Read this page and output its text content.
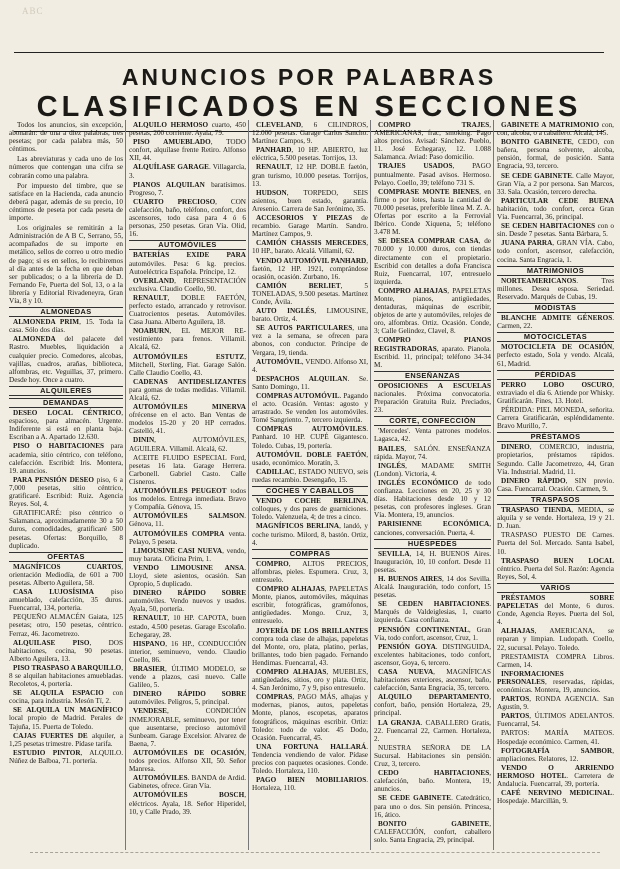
ABC
ANUNCIOS POR PALABRAS
CLASIFICADOS EN SECCIONES
Todos los anuncios, sin excepción, abonarán: de una a diez palabras, tres pesetas; por cada palabra más, 50 céntimos.
Las abreviaturas y cada uno de los números que contengan una cifra se cobrarán como una palabra.
Por impuesto del timbre, que se satisface en la Hacienda, cada anuncio deberá pagar, además de su precio, 10 céntimos de peseta por cada peseta de importe.
Los originales se remitirán a la Administración de A B C, Serrano, 55, acompañados de su importe en metálico, sellos de correo u otro medio de pago; si es en sellos, lo recibiremos al día antes de la fecha en que deban ser publicados; o a la librería de D. Fernando Fe, Puerta del Sol, 13, o a la librería y Editorial Rivadeneyra, Gran Vía, 8 y 10.
ALMONEDAS
ALMONEDA PRIM, 15. Toda la casa. Sólo dos días.
ALMONEDA del palacete del Rastro. Muebles, liquidación a cualquier precio. Comedores, alcobas, vajillas, cuadros, arañas, biblioteca, alfombras, etc. Veguillas, 37, primero. Desde hoy. Once a cuatro.
ALQUILERES
DEMANDAS
DESEO LOCAL CÉNTRICO, espacioso, para almacén. Urgente. Indiferente si está en planta baja. Escriban a A. Apartado 12.630.
PISO O HABITACIONES para academia, sitio céntrico, con teléfono, calefacción. Escribid: Iris. Montera, 19. anuncios.
PARA PENSIÓN DESEO piso, 6 a 7,000 pesetas, sitio céntrico, gratificaré. Escribid: Ruiz. Agencia Reyes. Sol, 4.
GRATIFICARÉ: piso céntrico o Salamanca, aproximadamente 30 a 50 duros, comodidades, gratificaré 500 pesetas. Ofertas: Borquillo, 8 duplicado.
OFERTAS
MAGNÍFICOS CUARTOS, orientación Mediodía, de 601 a 700 pesetas. Alberto Aguilera, 58.
CASA LUJOSÍSIMA piso amueblado, calefacción, 35 duros. Fuencarral, 134, porteria.
PEQUEÑO ALMACÉN Gaiata, 125 pesetas; otro, 150 pesetas, céntrico. Ferraz, 46. Jacometrezo.
ALQUILASE PISO, DOS habitaciones, cocina, 90 pesetas. Alberto Aguilera, 13.
PISO TRASPASO A BARQUILLO, 8 se alquilan habitaciones amuebladas. Recoletos, 4, portería.
SE ALQUILA ESPACIO con cocina, para industria. Mesón Tí, 2.
SE ALQUILA UN MAGNÍFICO local propio de Madrid. Perales de Tajuña, 15. Puerta de Toledo.
CAJAS FUERTES DE alquiler, a 1,25 pesetas trimestre. Pídase tarifa.
ESTUDIO PINTOR, ALQUILO. Núñez de Balboa, 71. portería.
ALQUILO HERMOSO cuarto, 450 pesetas, 200 corriente. Ayala, 79.
PISO AMUEBLADO, TODO confort, alquílase frente Retiro. Alfonso XII, 44.
ALQUÍLASE GARAGE. Villagarcía, 3.
PIANOS ALQUILAN baratísimos. Progreso, 7.
CUARTO PRECIOSO, CON calefacción, baño, teléfono, confort, dos ascensores, todo casa para 4 ó 6 personas, 250 pesetas. Gran Vía. Olid, 16.
AUTOMÓVILES
BATERÍAS EXIDE PARA automóviles. Pesa: 6 kg. precios. Autoeléctrica Española. Príncipe, 12.
OVERLAND, REPRESENTACIÓN exclusiva. Claudio Coello, 90.
RENAULT, DOBLE FAETÓN, perfecto estado, arrancado y retrovisor. Cuatrocientos pesetas. Automóviles. Casa Juana. Alberto Aguilera, 18.
NOABURN, EL MEJOR RE-vestimiento para frenos. Villamil. Alcalá, 62.
AUTOMÓVILES ESTUTZ, Mitchell, Sterling, Fiat. Garage Salón. Calle Claudio Coello, 43.
CADENAS ANTIDESLIZANTES para gomas de todas medidas. Villamil. Alcalá, 62.
AUTOMÓVILES MINERVA ofrécense en el acto. Ban Ventas de modelos 15-20 y 20 HP cerrados. Castelló, 41.
DININ, AUTOMÓVILES, AGUILERA. Villamil. Alcalá, 62.
ACEITE FLUIDO ESPECIAL Ford, pesetas 16 lata. Garage Herrera. Carbonell. Gabriel Casto. Calle Cisneros.
AUTOMÓVILES PEUGEOT todos los modelos. Entrega inmediata. Bravo y Compañía. Génova, 15.
AUTOMÓVILES SALMSON. Génova, 11.
AUTOMÓVILES COMPRA venta. Pelayo, 5 peseta.
LIMOUSINE CASI NUEVA, vendo, muy barata. Oficina Prim, 1.
VENDO LIMOUSINE ANSA. Lloyd, siete asientos, ocasión. San Opropio, 5 duplicado.
DINERO RÁPIDO SOBRE automóviles. Vendo nuevos y usados. Ayala, 50, portería.
RENAULT, 10 HP. CAPOTA, buen estado, 4.500 pesetas. Garage Escolaño. Echegaray, 28.
HISPANO, 16 HP., CONDUCCIÓN interior, seminuevo, vendo. Claudio Coello, 86.
BRASIER, ÚLTIMO MODELO, se vende a plazos, casi nuevo. Calle Galileo, 5.
DINERO RÁPIDO SOBRE automóviles. Peligros, 5, principal.
VENDESE, CONDICIÓN INMEJORABLE, seminuevo, por tener que ausentarse, precioso automóvil Sunbeam. Garage Excelsior. Alvarez de Baena, 7.
AUTOMÓVILES DE OCASIÓN, todos precios. Alfonso XII, 50. Señor Manresa.
AUTOMÓVILES. BANDA de Ardid. Gabinetes, ofrece. Gran Vía.
AUTOMÓVILES BOSCH, eléctricos. Ayala, 18. Señor Hiperidel, 10, y Calle Prado, 39.
CLEVELAND, 6 CILINDROS, 12.000 pesetas. Garage Carlos Sancho. Martínez Campos, 9.
PANHARD, 10 HP. ABIERTO, luz eléctrica, 5.500 pesetas. Torrijos, 13.
RENAULT, 12 HP. DOBLE faetón, gran turismo, 10.000 pesetas. Torrijos, 13.
HUDSON, TORPEDO, SEIS asientos, buen estado, garantía. Aresenio. Carrera de San Jerónimo, 35.
ACCESORIOS Y PIEZAS de recambio. Garage Martín. Sandro. Martínez Campos, 9.
CAMIÓN CHASSIS MERCEDES, 10 HP., barato. Alcalá. Villamil, 62.
VENDO AUTOMÓVIL PANHARD, faetón, 12 HP. 1921, comprándose ocasión, ocasión. Zurbano, 16.
CAMIÓN BERLIET, 5 TONELADAS, 9.500 pesetas. Martínez Conde, Ávila.
AUTO INGLÉS, LIMOUSINE, barato. Ortiz, 4.
SE AUTOS PARTICULARES, una vez a la semana, se ofrecen para abonos, con conductor. Príncipe de Vergara, 19, tienda.
AUTOMÓVIL, VENDO. Alfonso XI, 4.
DESPACHOS ALQUILAN. Se. Santo Domingo, 11.
COMPRAS AUTOMÓVIL. Pagando el acto. Ocasión. Ventas: agosto y arrastrado. Se venden los automóviles. Tomé Sangriento. 7, tercero izquierda.
COMPRAS AUTOMÓVILES. Panhard. 10 HP. CUPÉ Gigantesco. Toledo. Cubas, 19, portería.
AUTOMÓVIL DOBLE FAETÓN, usado, económico. Moratín, 3.
CADILLAC, ESTADO NUEVO, seis ruedas recambio. Desengaño, 15.
COCHES Y CABALLOS
VENDO COCHE BERLINA, colloques, y dos pares de guarniciones. Toledo. Valenzuela, 4; de tres a cinco.
MAGNÍFICOS BERLINA, landó, y coche turismo. Milord, 8, bastón. Ortiz, 4.
COMPRAS
COMPRO, ALTOS PRECIOS, alfombras, pieles. Espumera. Cruz, 3, entresuelo.
COMPRO ALHAJAS, PAPELETAS Monte, pianos, automóviles, máquinas escribir, fotográficas, gramófonos, antigüedades. Mongo. Cruz, 3, entresuelo.
JOYERÍA DE LOS BRILLANTES compra toda clase de alhajas, papeletas del Monte, oro, plata, platino, perlas, brillantes, todo bien pagado. Fernando Hendimas. Fuencarral, 43.
COMPRO ALHAJAS, MUEBLES, antigüedades, sitios, oro y plata. Ortiz, 4. San Jerónimo, 7 y 9, piso entresuelo.
COMPRAS, PAGO MÁS, alhajas y modernas, pianos, autos, papeletas Monte, planos, escopetas, aparatos fotográficos, máquinas escribir. Ortiz: Toledo: todo de valor. 45 Dodo, Ocasión. Fuencarral, 45.
UNA FORTUNA HALLARÁ. Tendencia vendiendo de valor. Pídase precios con paquetes ocasiones. Conde. Toledo. Hortaleza, 110.
PAGO BIEN MOBILIARIOS. Hortaleza, 110.
COMPRO TRAJES, AMERICANAS, frac, smoking. Pago altos precios. Avisad: Sánchez. Pueblo, 11. José Echegaray, 12. 1.088 Salamanca. Aviad: Paso domicilio.
TRAJES USADOS, PAGO puntualmente. Pasad avisos. Hermoso. Pelayo. Coello, 39; teléfono 731 S.
COMPRASE MONTE BIENES, en firme o por lotes, hasta la cantidad de 70.000 pesetas, preferible línea M. Z. A. Ofertas por escrito a la Ferrovial Ibérico. Conde Xiquena, 5; teléfono 3.478 M.
SE DESEA COMPRAR CASA, de 70.000 y 10.000 duros, con tiendas directamente con el propietario. Escribid con detalles a doña Francisca Ruiz, Fuencarral, 107, entresuelo izquierda.
COMPRO ALHAJAS, PAPELETAS Monte, pianos, antigüedades, dentaduras, máquinas de escribir, objetos de arte y automóviles, relojes de oro, alfombras. Ortiz. Ocasión. Conde, 3; Calle Gelindez, Clavel, 8.
COMPRO PIANOS REGISTRADORAS, aparato. Pianola. Escribid. 11, principal; teléfono 34-34 M.
ENSEÑANZAS
OPOSICIONES A ESCUELAS nacionales. Próxima convocatoria. Preparación Gratuita Ruiz. Preciados, 23.
CORTE, CONFECCIÓN
'Mercedes'. Venta patrones modelos. Lagasca, 42.
BAILES, SALÓN. ENSEÑANZA rápida. Mayor, 74.
INGLÉS, MADAME SMITH (London). Victoria, 4.
INGLÉS ECONÓMICO de todo confianza. Lecciones en 20, 25 y 30 días. Habitaciones desde 10 y 12 pesetas, con profesores ingleses. Gran Vía. Montera, 19, anuncios.
PARISIENNE ECONÓMICA, canciones, conversación. Puerta, 4.
HUÉSPEDES
SEVILLA, 14, H. BUENOS Aires. Inauguración, 10, 10 confort. Desde 11 pesetas.
H. BUENOS AIRES, 14 dos Sevilla. Alcalá. Inauguración, todo confort, 15 pesetas.
SE CEDEN HABITACIONES. Marqués de Valdeiglesias, 1, cuarto izquierda. Casa confianza.
PENSIÓN CONTINENTAL, Gran Vía, todo confort, ascensor, Cruz, 1.
PENSIÓN GOYA. DISTINGUIDA, excelentes habitaciones, todo confort, ascensor, Goya, 6, tercero.
CASA NUEVA, MAGNÍFICAS habitaciones exteriores, ascensor, baño, calefacción, Santa Engracia, 35, tercero.
ALQUILO DEPARTAMENTO, confort, baño, pensión Hortaleza, 29, principal.
LA GRANJA. CABALLERO Gratis, 22. Fuencarral 22, Carmen. Hortaleza, 2.
NUESTRA SEÑORA DE LA Sucursal. Habitaciones sin pensión. Cruz, 3, tercero.
CEDO HABITACIONES, calefacción, baño. Montera, 19, anuncios.
SE CEDE GABINETE. Catedrático, para uno o dos. Sin pensión. Princesa, 16, ático.
BONITO GABINETE, CALEFACCIÓN, confort, caballero solo. Santa Engracia, 29, principal.
GABINETE A MATRIMONIO con, con, alcoba, o a caballero. Alcalá, 145.
BONITO GABINETE, CEDO, con bañera, persona solvente, alcoba, pensión, formal, de posición. Santa Engracia, 93, tercero.
SE CEDE GABINETE. Calle Mayor, Gran Vía, a 2 por persona. San Marcos, 33. Sala. Ocasión, tercero derecha.
PARTICULAR CEDE BUENA habitación, todo confort, cerca Gran Vía. Fuencarral, 36, principal.
SE CEDEN HABITACIONES con o sin. Desde 7 pesetas. Santa Bárbara, 5.
JUANA PARRA, GRAN VÍA. Cabo, todo confort, ascensor, calefacción, cocina. Santa Engracia, 1.
MATRIMONIOS
NORTEAMERICANOS. Tres millones. Desea esposa. Seriedad. Reservado. Marqués de Cubas, 19.
MODISTAS
BLANCHE ADMITE GÉNEROS. Carmen, 22.
MOTOCICLETAS
MOTOCICLETA DE OCASIÓN, perfecto estado, Sola y vendo. Alcalá, 61, Madrid.
PÉRDIDAS
PERRO LOBO OSCURO, extraviado el día 6. Atiende por Whisky. Gratificarán. Fines, 13. Hotel.
PÉRDIDA: PIEL MONEDA, señorita. Carrera Gratificarán, espléndidamente. Bravo Murillo, 7.
PRÉSTAMOS
DINERO, COMERCIO, industria, propietarios, préstamos rápidos. Segundo. Calle Jacometrezo, 44, Gran Vía. Industrial. Madrid, 11.
DINERO RÁPIDO, SIN previo. Casa. Fuencarral. Ocasión. Carmen, 9.
TRASPASOS
TRASPASO TIENDA, MEDIA, se alquila y se vende. Hortaleza, 19 y 21. D. Juan.
TRASPASO PUESTO DE Carnes. Puerta del Sol. Mercado. Santa Isabel, 10.
TRASPASO BUEN LOCAL céntrico. Puerta del Sol. Razón: Agencia Reyes, Sol, 4.
VARIOS
PRÉSTAMOS SOBRE PAPELETAS del Monte, 6 duros. Conde, Agencia Reyes. Puerta del Sol, 4.
ALHAJAS, AMERICANA, se reparan y limpian. Ludopath. Coello, 22, sucursal. Pelayo. Toledo.
PRESTAMISTA COMPRA Libros. Carmen, 14.
INFORMACIONES PERSONALES, reservadas, rápidas, económicas. Montera, 19, anuncios.
PARTOS, RONDA AGENCIA. San Agustín, 9.
PARTOS, ÚLTIMOS ADELANTOS. Fuencarral, 54.
PARTOS: MARÍA MATEOS. Hospedaje económico. Carmen, 41.
FOTOGRAFÍA SAMBOR, ampliaciones. Relatores, 12.
VENDO O ARRIENDO HERMOSO HOTEL. Carretera de Andalucía. Fuencarral, 39, portería.
CAFÉ NERVINO MEDICINAL. Hospedaje. Marcillán, 9.
